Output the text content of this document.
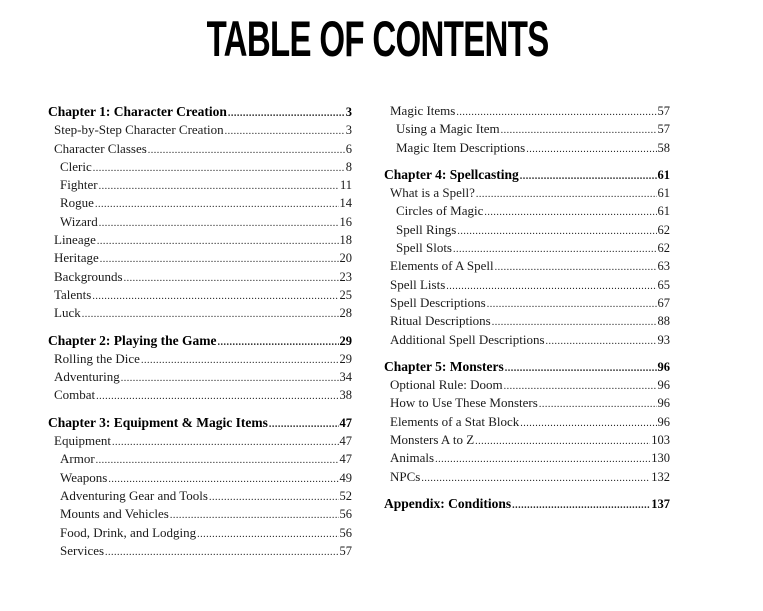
TABLE OF CONTENTS
Chapter 1: Character Creation .....	3
Step-by-Step Character Creation .....	3
Character Classes .....	6
Cleric .....	8
Fighter .....	11
Rogue .....	14
Wizard .....	16
Lineage .....	18
Heritage .....	20
Backgrounds .....	23
Talents .....	25
Luck .....	28
Chapter 2: Playing the Game .....	29
Rolling the Dice .....	29
Adventuring .....	34
Combat .....	38
Chapter 3: Equipment & Magic Items .....	47
Equipment .....	47
Armor .....	47
Weapons .....	49
Adventuring Gear and Tools .....	52
Mounts and Vehicles .....	56
Food, Drink, and Lodging .....	56
Services .....	57
Magic Items .....	57
Using a Magic Item .....	57
Magic Item Descriptions .....	58
Chapter 4: Spellcasting .....	61
What is a Spell? .....	61
Circles of Magic .....	61
Spell Rings .....	62
Spell Slots .....	62
Elements of A Spell .....	63
Spell Lists .....	65
Spell Descriptions .....	67
Ritual Descriptions .....	88
Additional Spell Descriptions .....	93
Chapter 5: Monsters .....	96
Optional Rule: Doom .....	96
How to Use These Monsters .....	96
Elements of a Stat Block .....	96
Monsters A to Z .....	103
Animals .....	130
NPCs .....	132
Appendix: Conditions .....	137
